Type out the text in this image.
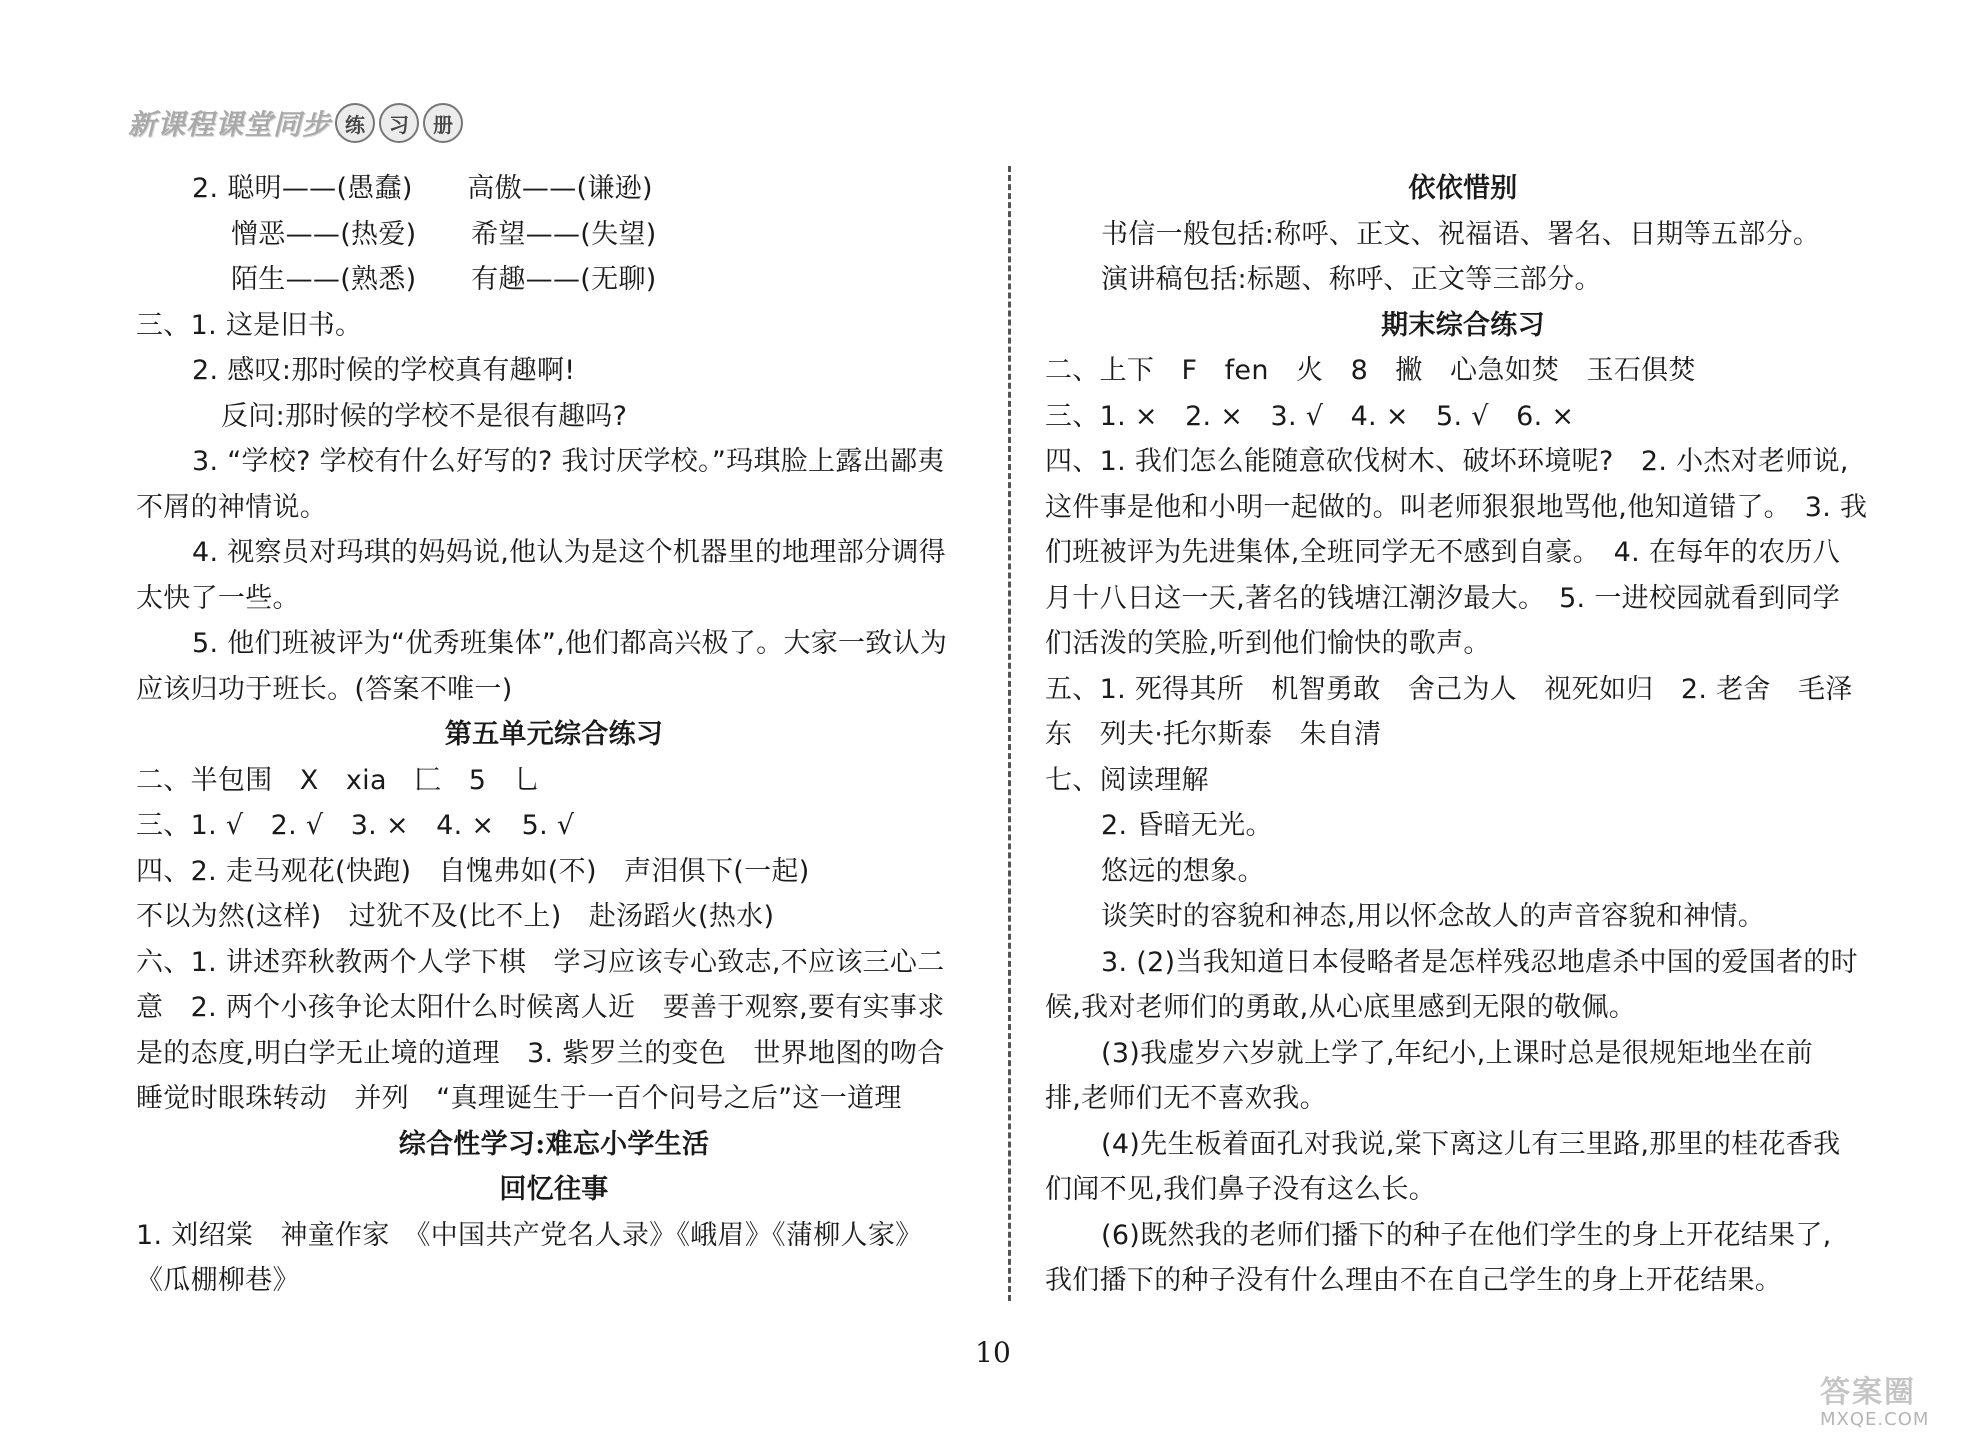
新课程课堂同步 练	习	册
2. 聪明——(愚蠢)　　高傲——(谦逊)
憎恶——(热爱)　　希望——(失望)
陌生——(熟悉)　　有趣——(无聊)
三、1. 这是旧书。
2. 感叹:那时候的学校真有趣啊!
反问:那时候的学校不是很有趣吗?
3. “学校? 学校有什么好写的? 我讨厌学校。”玛琪脸上露出鄙夷
不屑的神情说。
4. 视察员对玛琪的妈妈说,他认为是这个机器里的地理部分调得
太快了一些。
5. 他们班被评为“优秀班集体”,他们都高兴极了。大家一致认为
应该归功于班长。(答案不唯一)
第五单元综合练习
二、半包围　X　xia　匚　5　乚
三、1. √　2. √　3. ×　4. ×　5. √
四、2. 走马观花(快跑)　自愧弗如(不)　声泪俱下(一起)
不以为然(这样)　过犹不及(比不上)　赴汤蹈火(热水)
六、1. 讲述弈秋教两个人学下棋　学习应该专心致志,不应该三心二
意　2. 两个小孩争论太阳什么时候离人近　要善于观察,要有实事求
是的态度,明白学无止境的道理　3. 紫罗兰的变色　世界地图的吻合
睡觉时眼珠转动　并列　“真理诞生于一百个问号之后”这一道理
综合性学习:难忘小学生活
回忆往事
1. 刘绍棠　神童作家　《中国共产党名人录》《峨眉》《蒲柳人家》
《瓜棚柳巷》
依依惜别
书信一般包括:称呼、正文、祝福语、署名、日期等五部分。
演讲稿包括:标题、称呼、正文等三部分。
期末综合练习
二、上下　F　fen　火　8　撇　心急如焚　玉石俱焚
三、1. ×　2. ×　3. √　4. ×　5. √　6. ×
四、1. 我们怎么能随意砍伐树木、破坏环境呢?　2. 小杰对老师说,
这件事是他和小明一起做的。叫老师狠狠地骂他,他知道错了。　3. 我
们班被评为先进集体,全班同学无不感到自豪。　4. 在每年的农历八
月十八日这一天,著名的钱塘江潮汐最大。　5. 一进校园就看到同学
们活泼的笑脸,听到他们愉快的歌声。
五、1. 死得其所　机智勇敢　舍己为人　视死如归　2. 老舍　毛泽
东　列夫·托尔斯泰　朱自清
七、阅读理解
2. 昏暗无光。
悠远的想象。
谈笑时的容貌和神态,用以怀念故人的声音容貌和神情。
3. (2)当我知道日本侵略者是怎样残忍地虐杀中国的爱国者的时
候,我对老师们的勇敢,从心底里感到无限的敬佩。
(3)我虚岁六岁就上学了,年纪小,上课时总是很规矩地坐在前
排,老师们无不喜欢我。
(4)先生板着面孔对我说,棠下离这儿有三里路,那里的桂花香我
们闻不见,我们鼻子没有这么长。
(6)既然我的老师们播下的种子在他们学生的身上开花结果了,
我们播下的种子没有什么理由不在自己学生的身上开花结果。
10
答案圈
MXQE.COM
